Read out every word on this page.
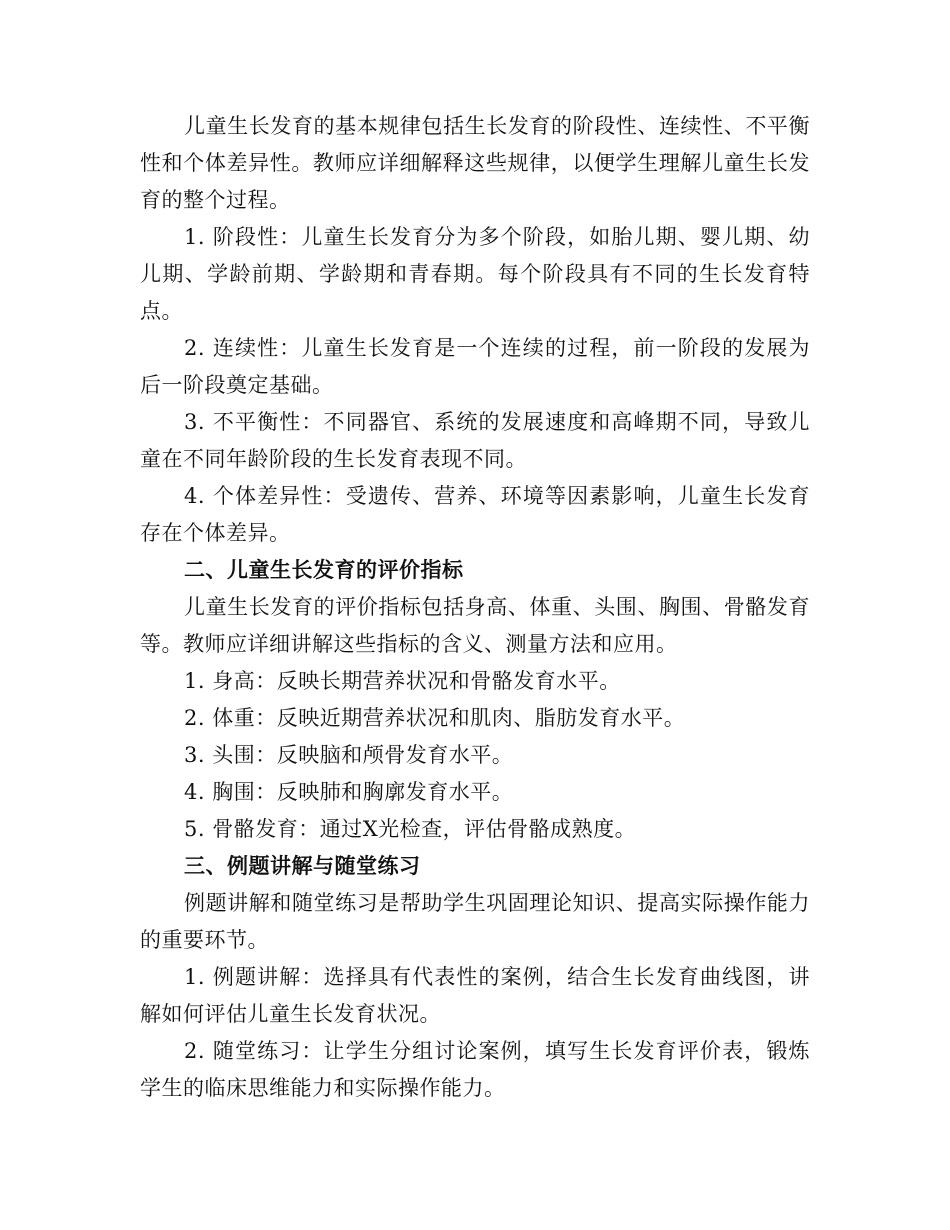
儿童生长发育的基本规律包括生长发育的阶段性、连续性、不平衡性和个体差异性。教师应详细解释这些规律，以便学生理解儿童生长发育的整个过程。

1. 阶段性：儿童生长发育分为多个阶段，如胎儿期、婴儿期、幼儿期、学龄前期、学龄期和青春期。每个阶段具有不同的生长发育特点。

2. 连续性：儿童生长发育是一个连续的过程，前一阶段的发展为后一阶段奠定基础。

3. 不平衡性：不同器官、系统的发展速度和高峰期不同，导致儿童在不同年龄阶段的生长发育表现不同。

4. 个体差异性：受遗传、营养、环境等因素影响，儿童生长发育存在个体差异。

二、儿童生长发育的评价指标

儿童生长发育的评价指标包括身高、体重、头围、胸围、骨骼发育等。教师应详细讲解这些指标的含义、测量方法和应用。

1. 身高：反映长期营养状况和骨骼发育水平。

2. 体重：反映近期营养状况和肌肉、脂肪发育水平。

3. 头围：反映脑和颅骨发育水平。

4. 胸围：反映肺和胸廓发育水平。

5. 骨骼发育：通过X光检查，评估骨骼成熟度。

三、例题讲解与随堂练习

例题讲解和随堂练习是帮助学生巩固理论知识、提高实际操作能力的重要环节。

1. 例题讲解：选择具有代表性的案例，结合生长发育曲线图，讲解如何评估儿童生长发育状况。

2. 随堂练习：让学生分组讨论案例，填写生长发育评价表，锻炼学生的临床思维能力和实际操作能力。
